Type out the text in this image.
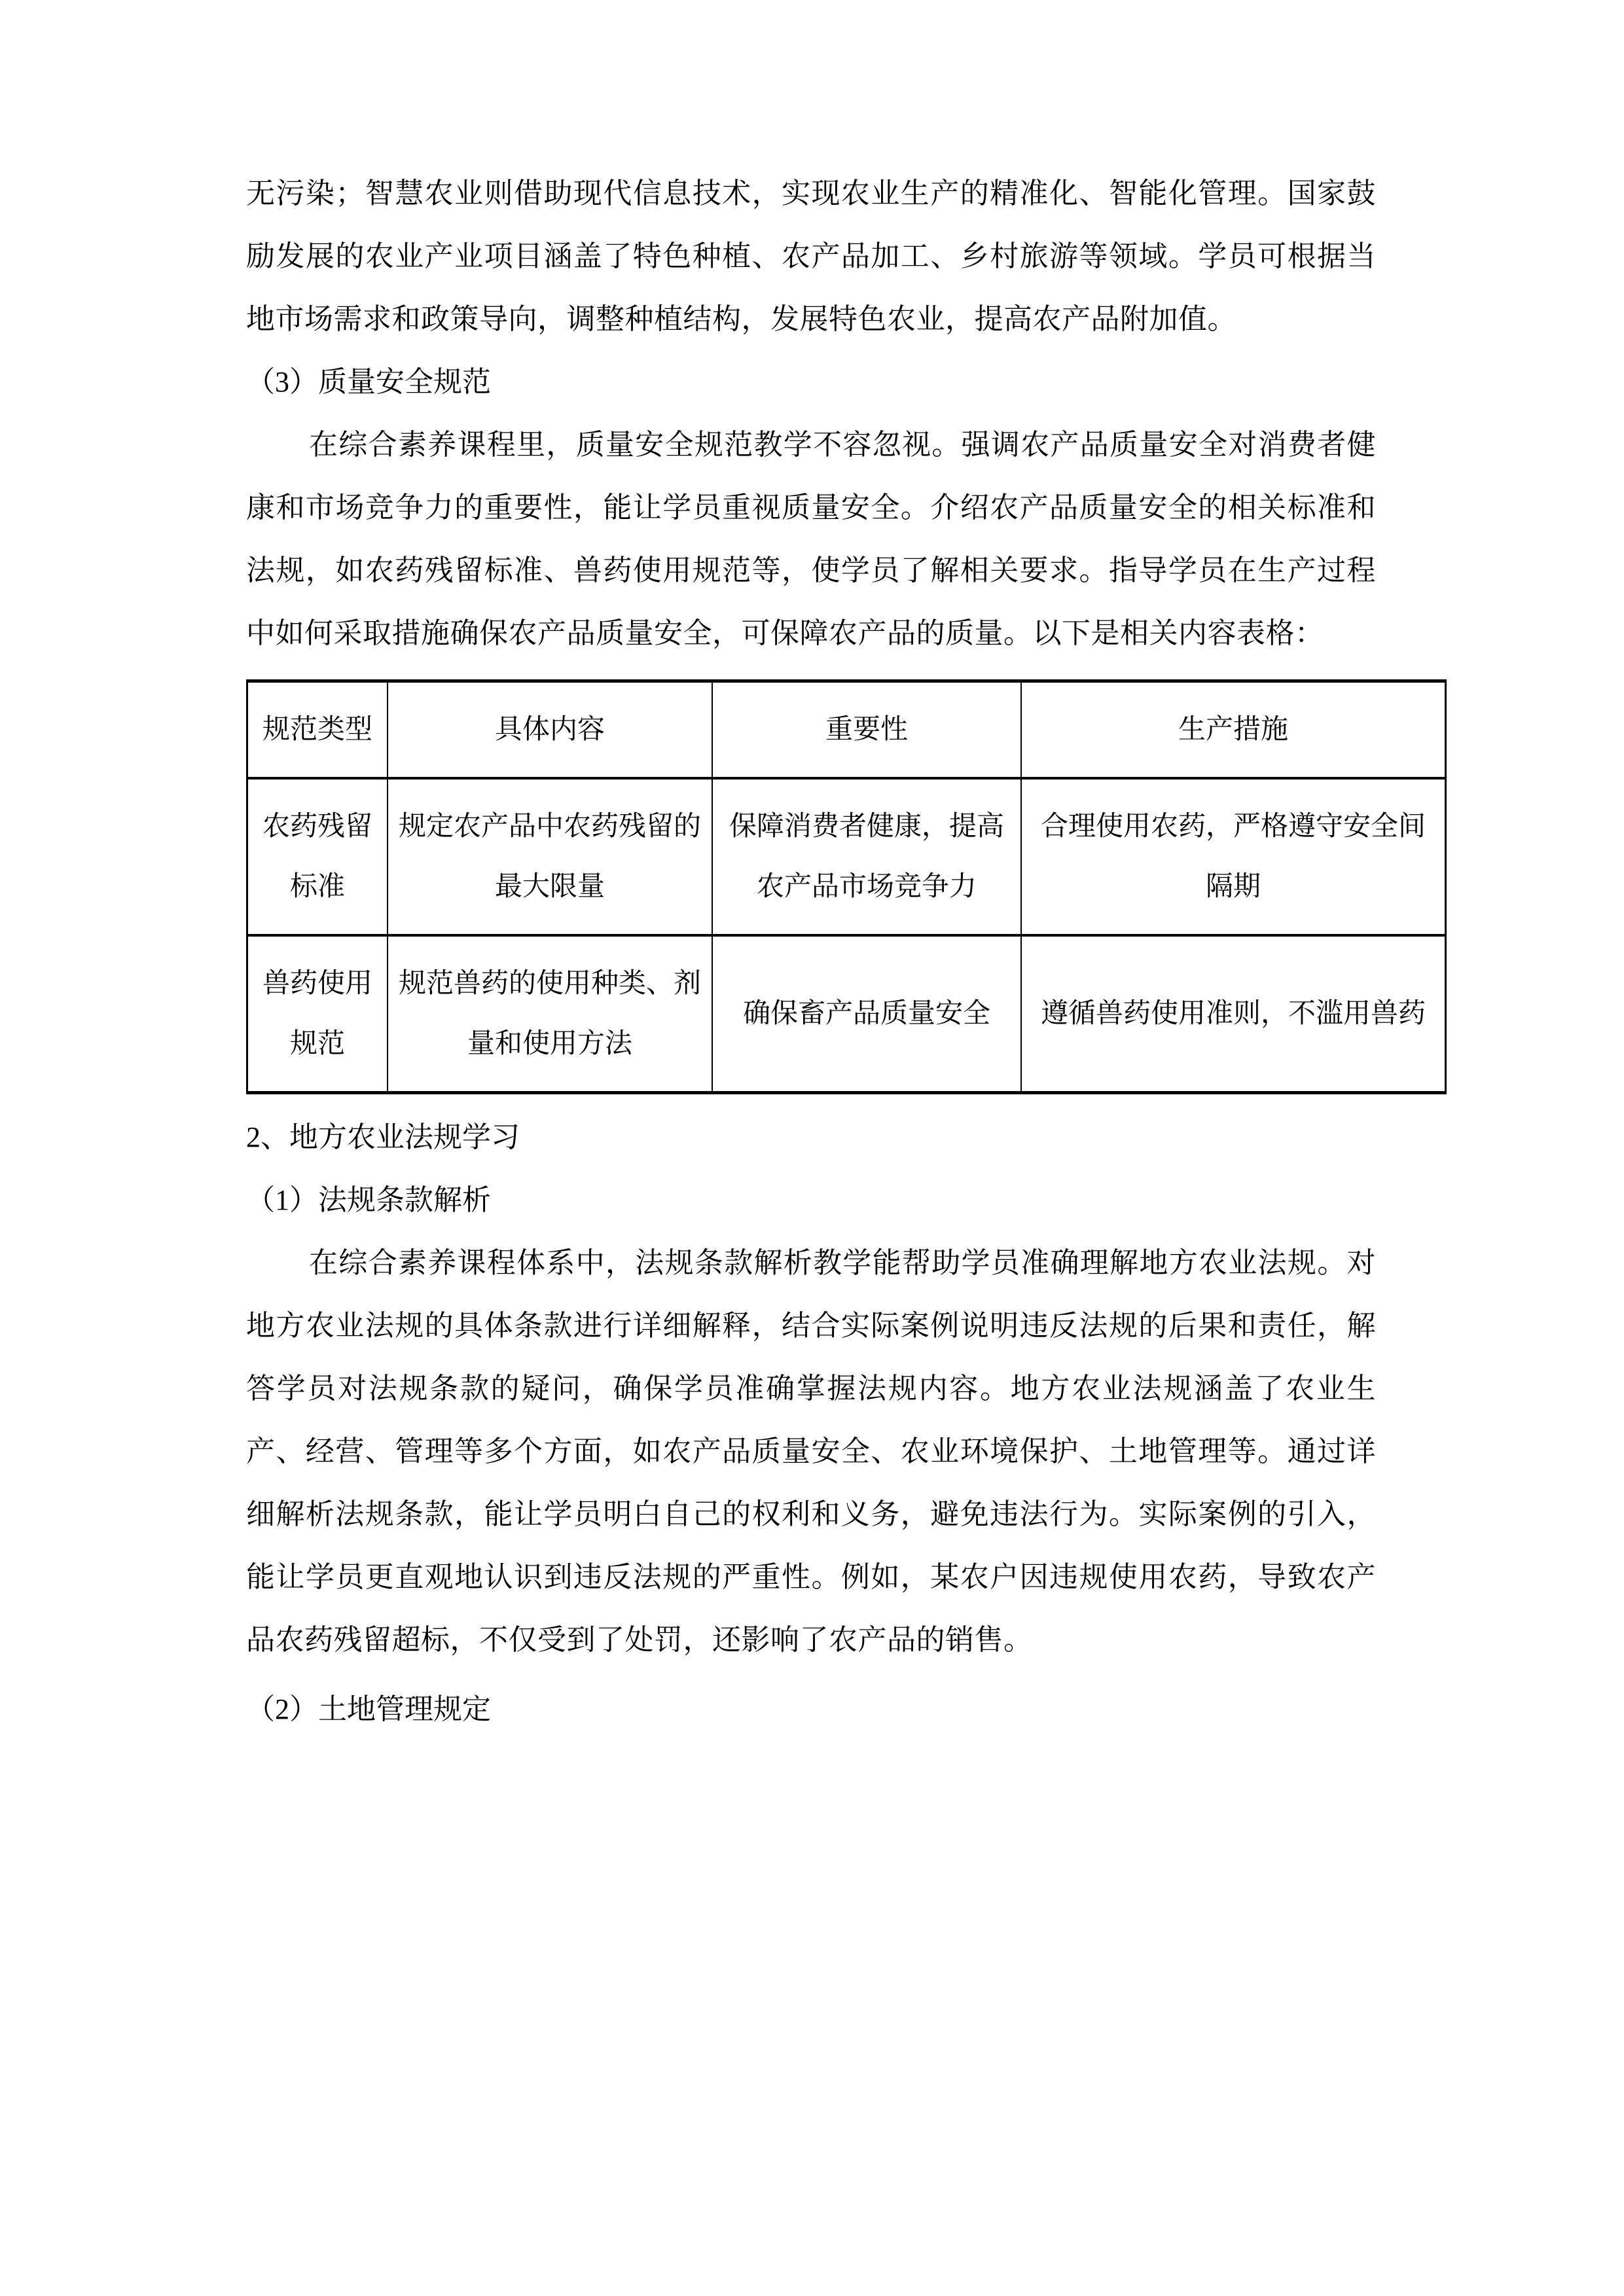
无污染；智慧农业则借助现代信息技术，实现农业生产的精准化、智能化管理。国家鼓励发展的农业产业项目涵盖了特色种植、农产品加工、乡村旅游等领域。学员可根据当地市场需求和政策导向，调整种植结构，发展特色农业，提高农产品附加值。

（3）质量安全规范

在综合素养课程里，质量安全规范教学不容忽视。强调农产品质量安全对消费者健康和市场竞争力的重要性，能让学员重视质量安全。介绍农产品质量安全的相关标准和法规，如农药残留标准、兽药使用规范等，使学员了解相关要求。指导学员在生产过程中如何采取措施确保农产品质量安全，可保障农产品的质量。以下是相关内容表格：

规范类型	具体内容	重要性	生产措施
农药残留标准	规定农产品中农药残留的最大限量	保障消费者健康，提高农产品市场竞争力	合理使用农药，严格遵守安全间隔期
兽药使用规范	规范兽药的使用种类、剂量和使用方法	确保畜产品质量安全	遵循兽药使用准则，不滥用兽药
2、地方农业法规学习
（1）法规条款解析

在综合素养课程体系中，法规条款解析教学能帮助学员准确理解地方农业法规。对地方农业法规的具体条款进行详细解释，结合实际案例说明违反法规的后果和责任，解答学员对法规条款的疑问，确保学员准确掌握法规内容。地方农业法规涵盖了农业生产、经营、管理等多个方面，如农产品质量安全、农业环境保护、土地管理等。通过详细解析法规条款，能让学员明白自己的权利和义务，避免违法行为。实际案例的引入，能让学员更直观地认识到违反法规的严重性。例如，某农户因违规使用农药，导致农产品农药残留超标，不仅受到了处罚，还影响了农产品的销售。

（2）土地管理规定
